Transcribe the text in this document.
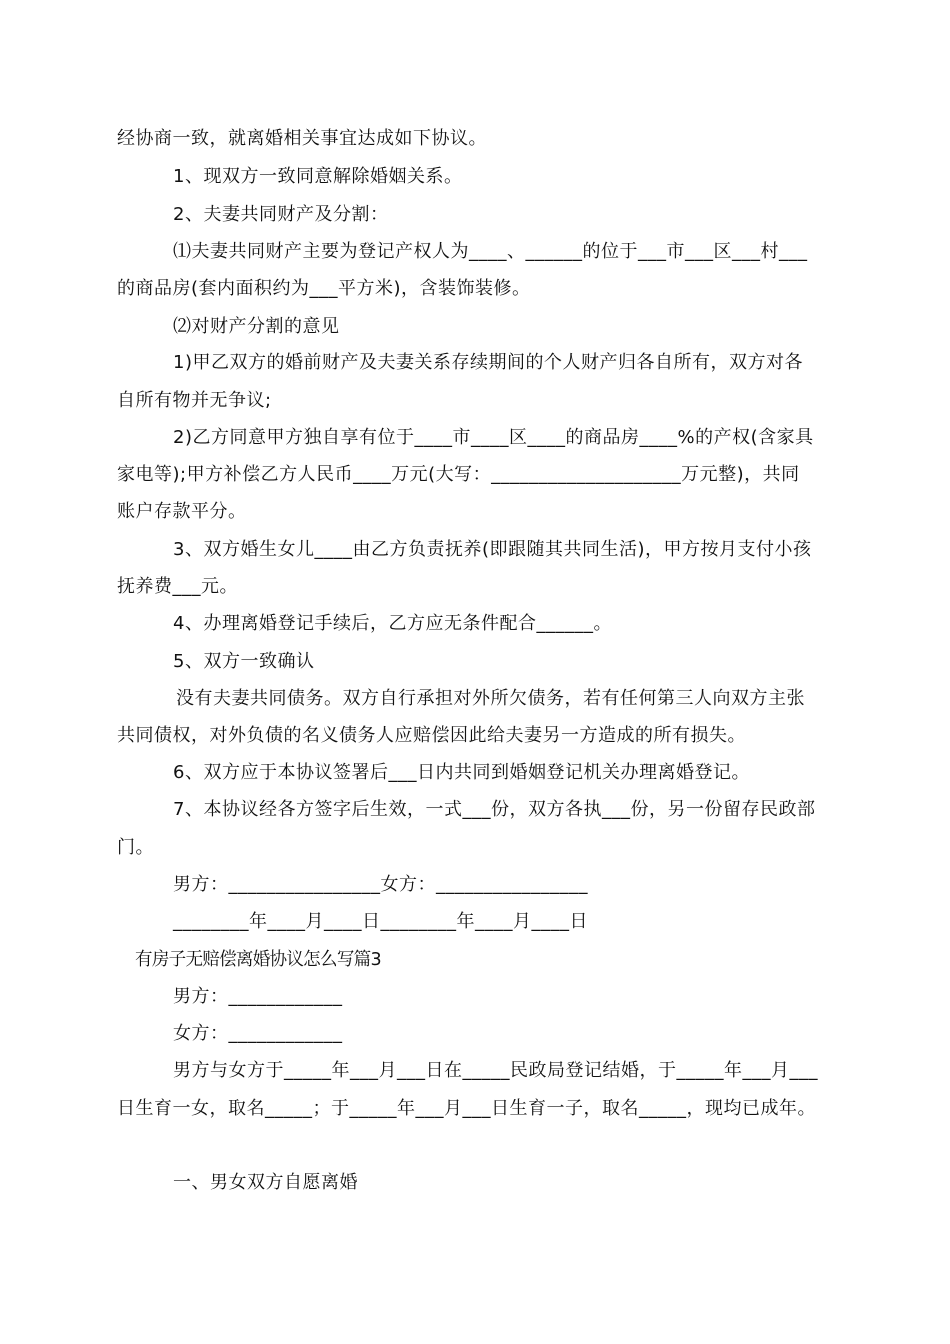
经协商一致，就离婚相关事宜达成如下协议。
1、现双方一致同意解除婚姻关系。
2、夫妻共同财产及分割：
⑴夫妻共同财产主要为登记产权人为____、______的位于___市___区___村___
的商品房(套内面积约为___平方米)，含装饰装修。
⑵对财产分割的意见
1)甲乙双方的婚前财产及夫妻关系存续期间的个人财产归各自所有，双方对各
自所有物并无争议;
2)乙方同意甲方独自享有位于____市____区____的商品房____%的产权(含家具
家电等);甲方补偿乙方人民币____万元(大写：____________________万元整)，共同
账户存款平分。
3、双方婚生女儿____由乙方负责抚养(即跟随其共同生活)，甲方按月支付小孩
抚养费___元。
4、办理离婚登记手续后，乙方应无条件配合______。
5、双方一致确认
没有夫妻共同债务。双方自行承担对外所欠债务，若有任何第三人向双方主张
共同债权，对外负债的名义债务人应赔偿因此给夫妻另一方造成的所有损失。
6、双方应于本协议签署后___日内共同到婚姻登记机关办理离婚登记。
7、本协议经各方签字后生效，一式___份，双方各执___份，另一份留存民政部
门。
男方：________________女方：________________
________年____月____日________年____月____日
有房子无赔偿离婚协议怎么写篇3
男方：____________
女方：____________
男方与女方于_____年___月___日在_____民政局登记结婚，于_____年___月___
日生育一女，取名_____；于_____年___月___日生育一子，取名_____，现均已成年。
一、男女双方自愿离婚
